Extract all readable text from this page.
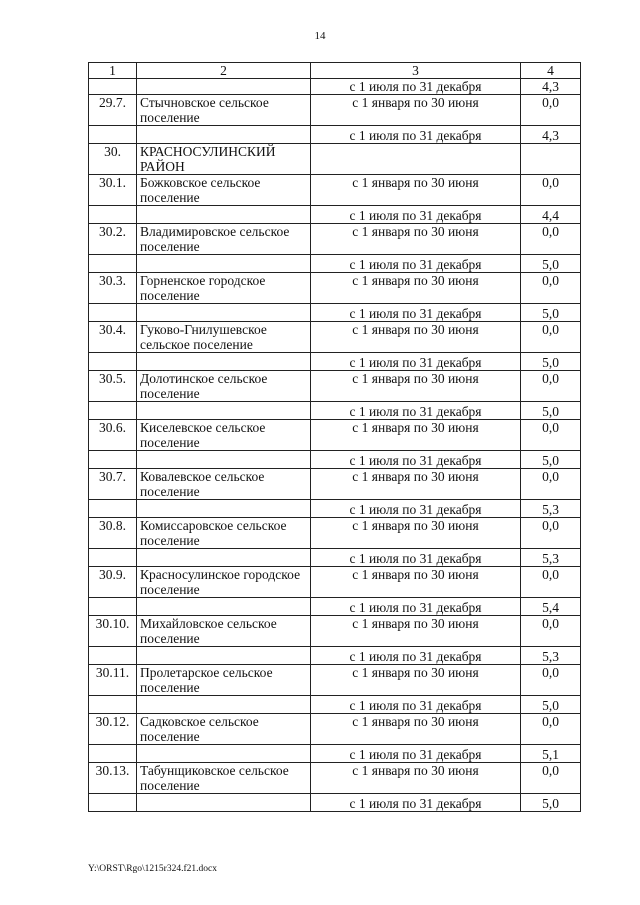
14
1	2	3	4
		с 1 июля по 31 декабря	4,3
29.7.	Стычновское сельское поселение	с 1 января по 30 июня	0,0
		с 1 июля по 31 декабря	4,3
30.	КРАСНОСУЛИНСКИЙ РАЙОН		
30.1.	Божковское сельское поселение	с 1 января по 30 июня	0,0
		с 1 июля по 31 декабря	4,4
30.2.	Владимировское сельское поселение	с 1 января по 30 июня	0,0
		с 1 июля по 31 декабря	5,0
30.3.	Горненское городское поселение	с 1 января по 30 июня	0,0
		с 1 июля по 31 декабря	5,0
30.4.	Гуково-Гнилушевское сельское поселение	с 1 января по 30 июня	0,0
		с 1 июля по 31 декабря	5,0
30.5.	Долотинское сельское поселение	с 1 января по 30 июня	0,0
		с 1 июля по 31 декабря	5,0
30.6.	Киселевское сельское поселение	с 1 января по 30 июня	0,0
		с 1 июля по 31 декабря	5,0
30.7.	Ковалевское сельское поселение	с 1 января по 30 июня	0,0
		с 1 июля по 31 декабря	5,3
30.8.	Комиссаровское сельское поселение	с 1 января по 30 июня	0,0
		с 1 июля по 31 декабря	5,3
30.9.	Красносулинское городское поселение	с 1 января по 30 июня	0,0
		с 1 июля по 31 декабря	5,4
30.10.	Михайловское сельское поселение	с 1 января по 30 июня	0,0
		с 1 июля по 31 декабря	5,3
30.11.	Пролетарское сельское поселение	с 1 января по 30 июня	0,0
		с 1 июля по 31 декабря	5,0
30.12.	Садковское сельское поселение	с 1 января по 30 июня	0,0
		с 1 июля по 31 декабря	5,1
30.13.	Табунщиковское сельское поселение	с 1 января по 30 июня	0,0
		с 1 июля по 31 декабря	5,0
Y:\ORST\Rgo\1215r324.f21.docx
